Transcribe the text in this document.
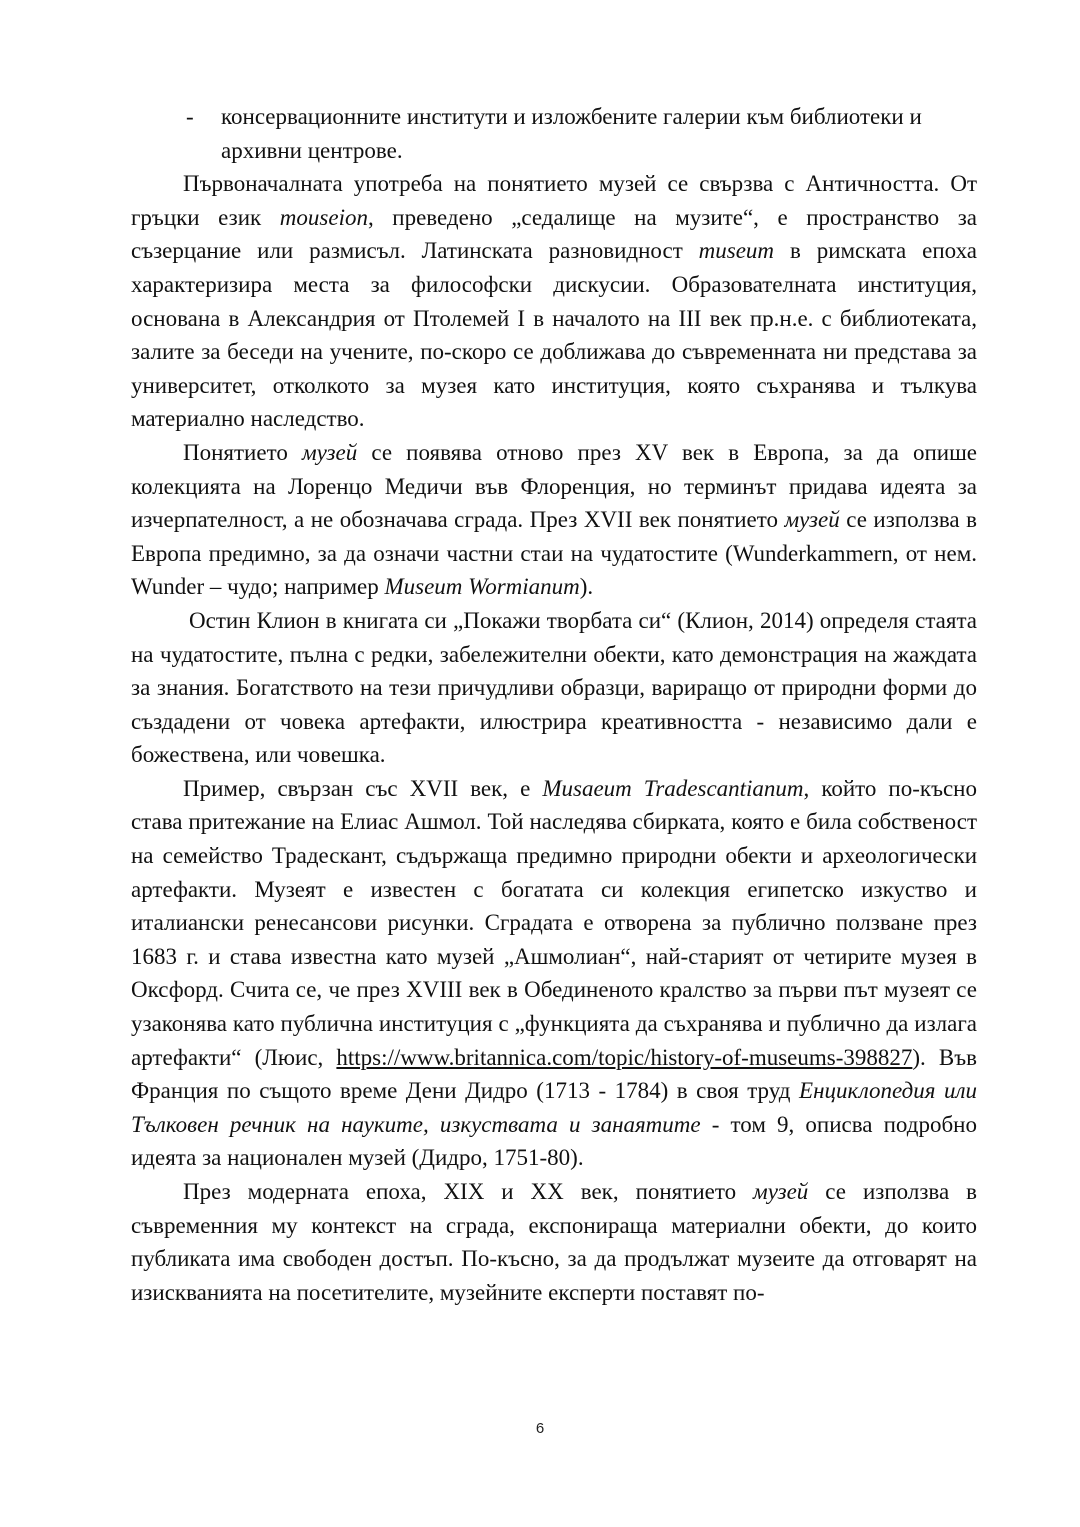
- консервационните институти и изложбените галерии към библиотеки и архивни центрове.

Първоначалната употреба на понятието музей се свързва с Античността. От гръцки език mouseion, преведено „седалище на музите“, е пространство за съзерцание или размисъл. Латинската разновидност museum в римската епоха характеризира места за философски дискусии. Образователната институция, основана в Александрия от Птолемей I в началото на III век пр.н.е. с библиотеката, залите за беседи на учените, по-скоро се доближава до съвременната ни представа за университет, отколкото за музея като институция, която съхранява и тълкува материално наследство.

Понятието музей се появява отново през XV век в Европа, за да опише колекцията на Лоренцо Медичи във Флоренция, но терминът придава идеята за изчерпателност, а не обозначава сграда. През XVII век понятието музей се използва в Европа предимно, за да означи частни стаи на чудатостите (Wunderkammern, от нем. Wunder – чудо; например Museum Wormianum).

Остин Клион в книгата си „Покажи творбата си“ (Клион, 2014) определя стаята на чудатостите, пълна с редки, забележителни обекти, като демонстрация на жаждата за знания. Богатството на тези причудливи образци, вариращо от природни форми до създадени от човека артефакти, илюстрира креативността - независимо дали е божествена, или човешка.

Пример, свързан със XVII век, е Musaeum Tradescantianum, който по-късно става притежание на Елиас Ашмол. Той наследява сбирката, която е била собственост на семейство Традескант, съдържаща предимно природни обекти и археологически артефакти. Музеят е известен с богатата си колекция египетско изкуство и италиански ренесансови рисунки. Сградата е отворена за публично ползване през 1683 г. и става известна като музей „Ашмолиан“, най-старият от четирите музея в Оксфорд. Счита се, че през XVIII век в Обединеното кралство за първи път музеят се узаконява като публична институция с „функцията да съхранява и публично да излага артефакти“ (Люис, https://www.britannica.com/topic/history-of-museums-398827). Във Франция по същото време Дени Дидро (1713 - 1784) в своя труд Енциклопедия или Тълковен речник на науките, изкуствата и занаятите - том 9, описва подробно идеята за национален музей (Дидро, 1751-80).

През модерната епоха, XIX и XX век, понятието музей се използва в съвременния му контекст на сграда, експонираща материални обекти, до които публиката има свободен достъп. По-късно, за да продължат музеите да отговарят на изискванията на посетителите, музейните експерти поставят по-

6
